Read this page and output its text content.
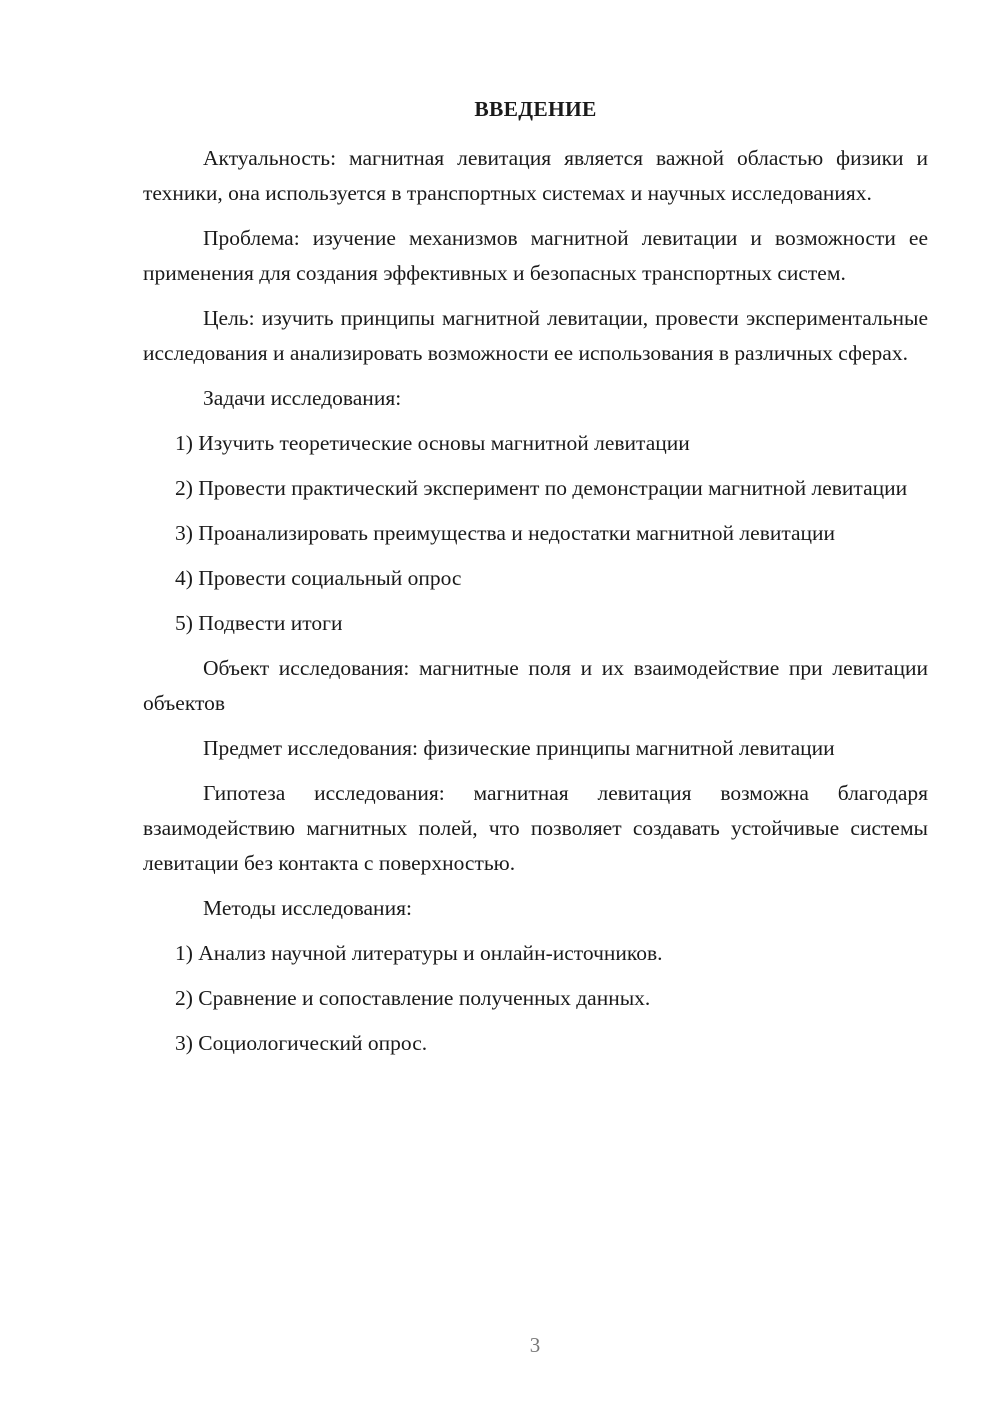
ВВЕДЕНИЕ

Актуальность: магнитная левитация является важной областью физики и техники, она используется в транспортных системах и научных исследованиях.

Проблема: изучение механизмов магнитной левитации и возможности ее применения для создания эффективных и безопасных транспортных систем.

Цель: изучить принципы магнитной левитации, провести экспериментальные исследования и анализировать возможности ее использования в различных сферах.

Задачи исследования:

1) Изучить теоретические основы магнитной левитации

2) Провести практический эксперимент по демонстрации магнитной левитации

3) Проанализировать преимущества и недостатки магнитной левитации

4) Провести социальный опрос

5) Подвести итоги

Объект исследования: магнитные поля и их взаимодействие при левитации объектов

Предмет исследования: физические принципы магнитной левитации

Гипотеза исследования: магнитная левитация возможна благодаря взаимодействию магнитных полей, что позволяет создавать устойчивые системы левитации без контакта с поверхностью.

Методы исследования:

1) Анализ научной литературы и онлайн-источников.

2) Сравнение и сопоставление полученных данных.

3) Социологический опрос.

3
